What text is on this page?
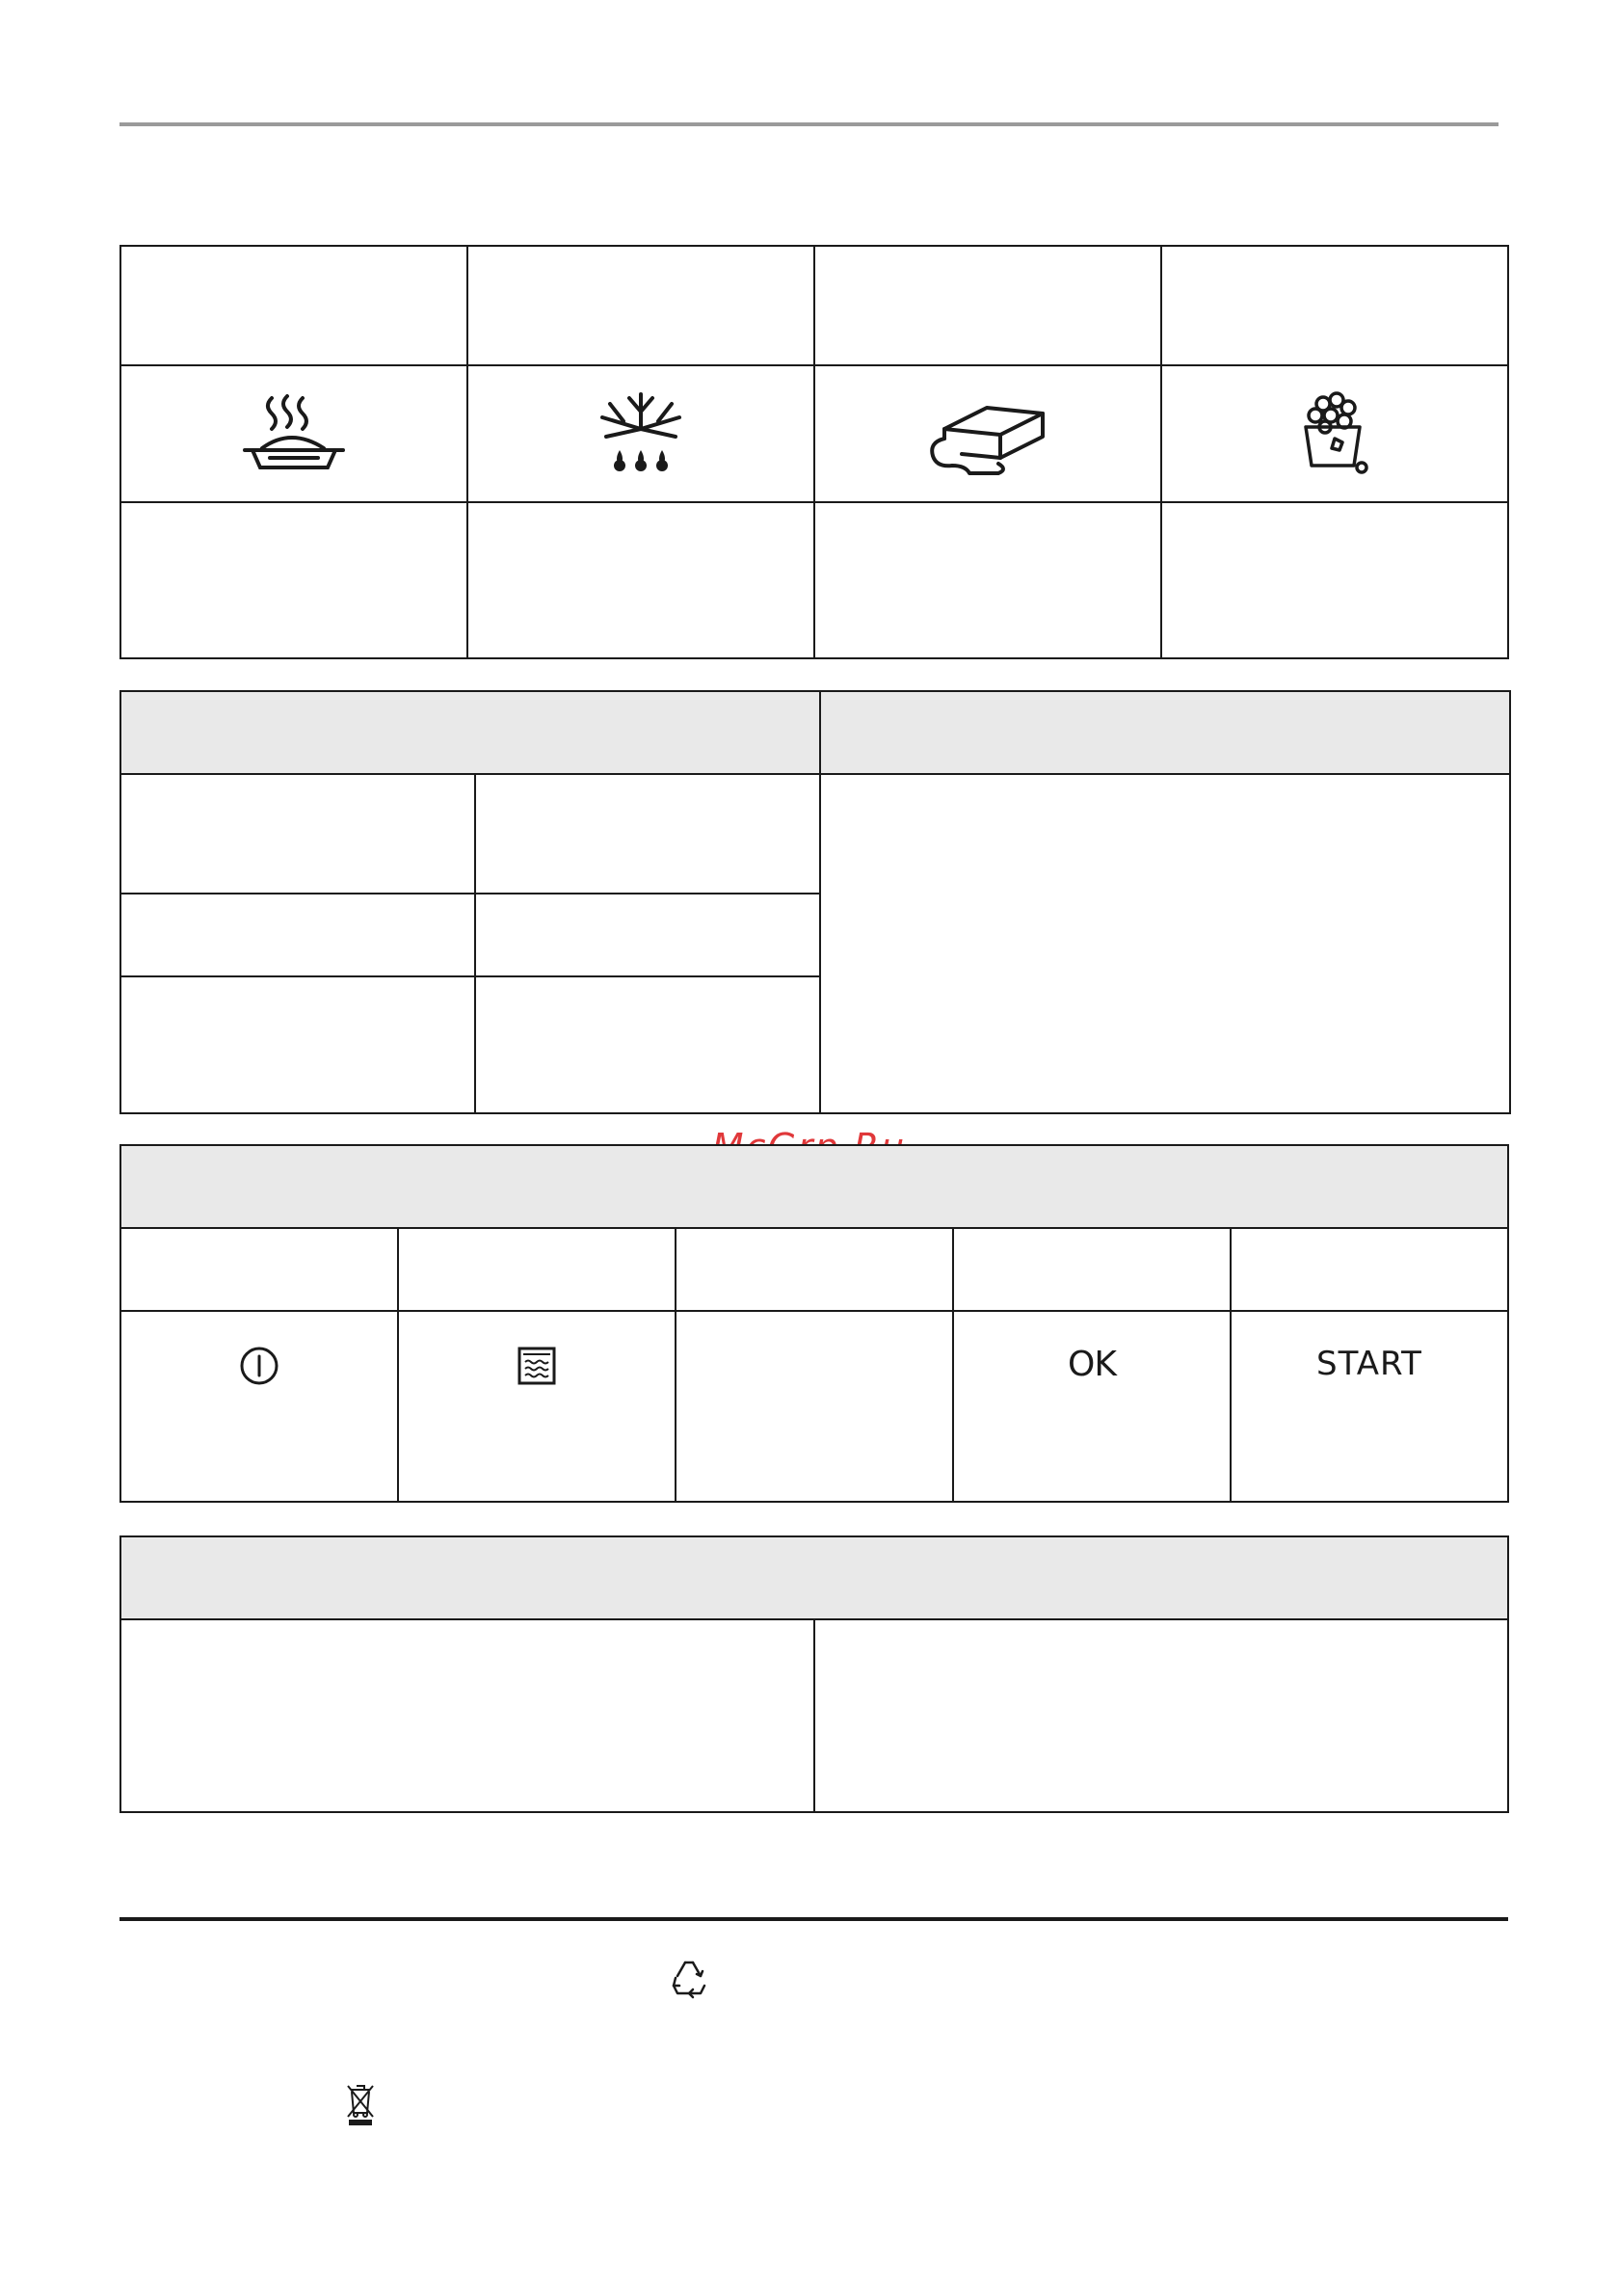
			OK	START
